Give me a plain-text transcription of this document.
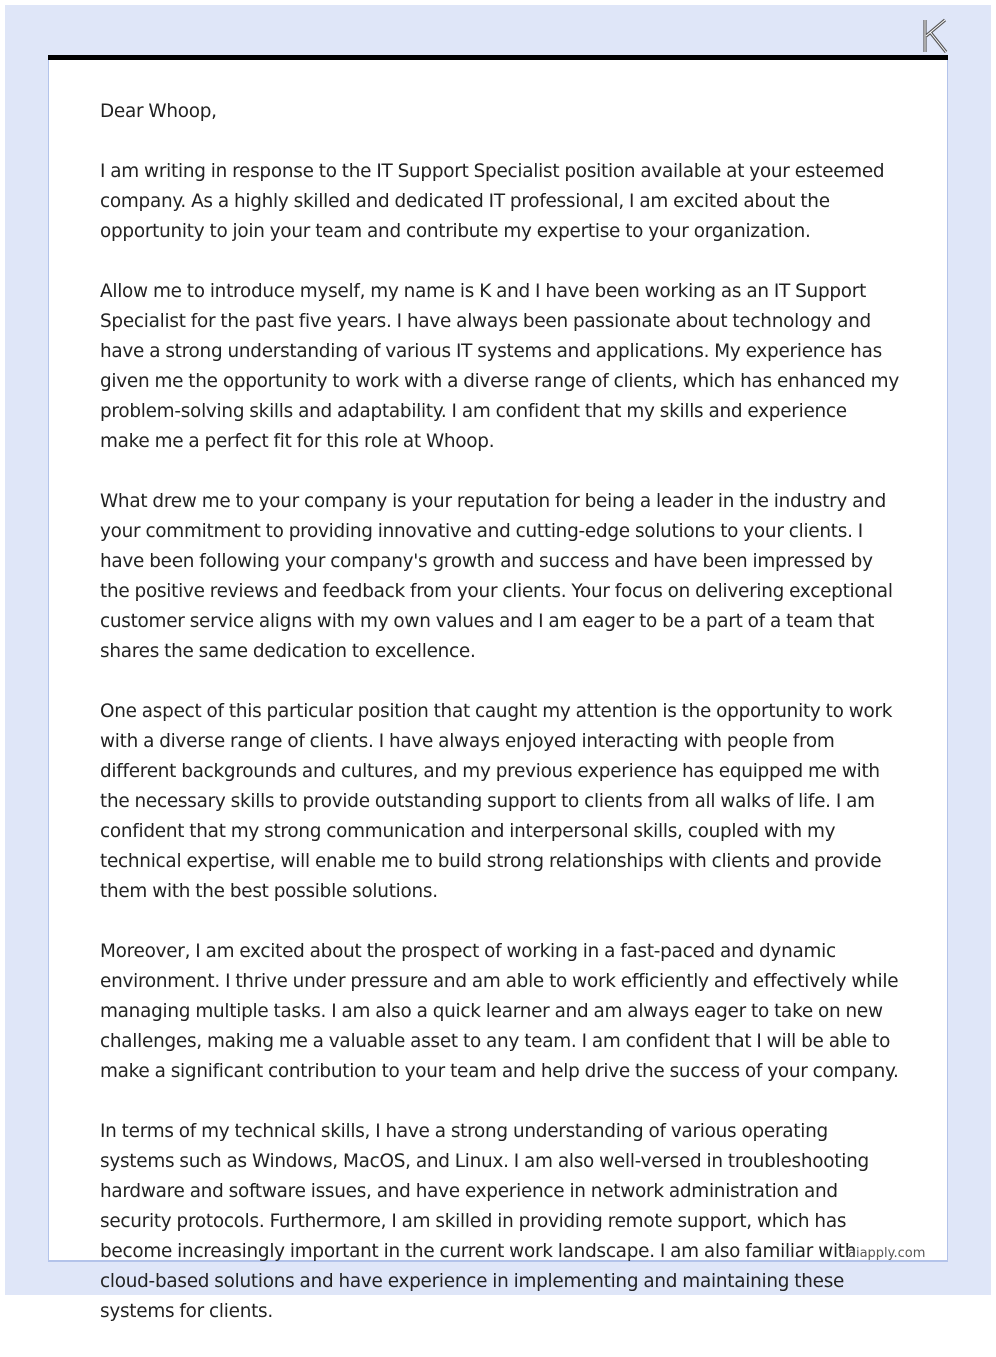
Dear Whoop,

I am writing in response to the IT Support Specialist position available at your esteemed company. As a highly skilled and dedicated IT professional, I am excited about the opportunity to join your team and contribute my expertise to your organization.

Allow me to introduce myself, my name is K and I have been working as an IT Support Specialist for the past five years. I have always been passionate about technology and have a strong understanding of various IT systems and applications. My experience has given me the opportunity to work with a diverse range of clients, which has enhanced my problem-solving skills and adaptability. I am confident that my skills and experience make me a perfect fit for this role at Whoop.

What drew me to your company is your reputation for being a leader in the industry and your commitment to providing innovative and cutting-edge solutions to your clients. I have been following your company's growth and success and have been impressed by the positive reviews and feedback from your clients. Your focus on delivering exceptional customer service aligns with my own values and I am eager to be a part of a team that shares the same dedication to excellence.

One aspect of this particular position that caught my attention is the opportunity to work with a diverse range of clients. I have always enjoyed interacting with people from different backgrounds and cultures, and my previous experience has equipped me with the necessary skills to provide outstanding support to clients from all walks of life. I am confident that my strong communication and interpersonal skills, coupled with my technical expertise, will enable me to build strong relationships with clients and provide them with the best possible solutions.

Moreover, I am excited about the prospect of working in a fast-paced and dynamic environment. I thrive under pressure and am able to work efficiently and effectively while managing multiple tasks. I am also a quick learner and am always eager to take on new challenges, making me a valuable asset to any team. I am confident that I will be able to make a significant contribution to your team and help drive the success of your company.

In terms of my technical skills, I have a strong understanding of various operating systems such as Windows, MacOS, and Linux. I am also well-versed in troubleshooting hardware and software issues, and have experience in network administration and security protocols. Furthermore, I am skilled in providing remote support, which has become increasingly important in the current work landscape. I am also familiar with cloud-based solutions and have experience in implementing and maintaining these systems for clients.

aiapply.com
